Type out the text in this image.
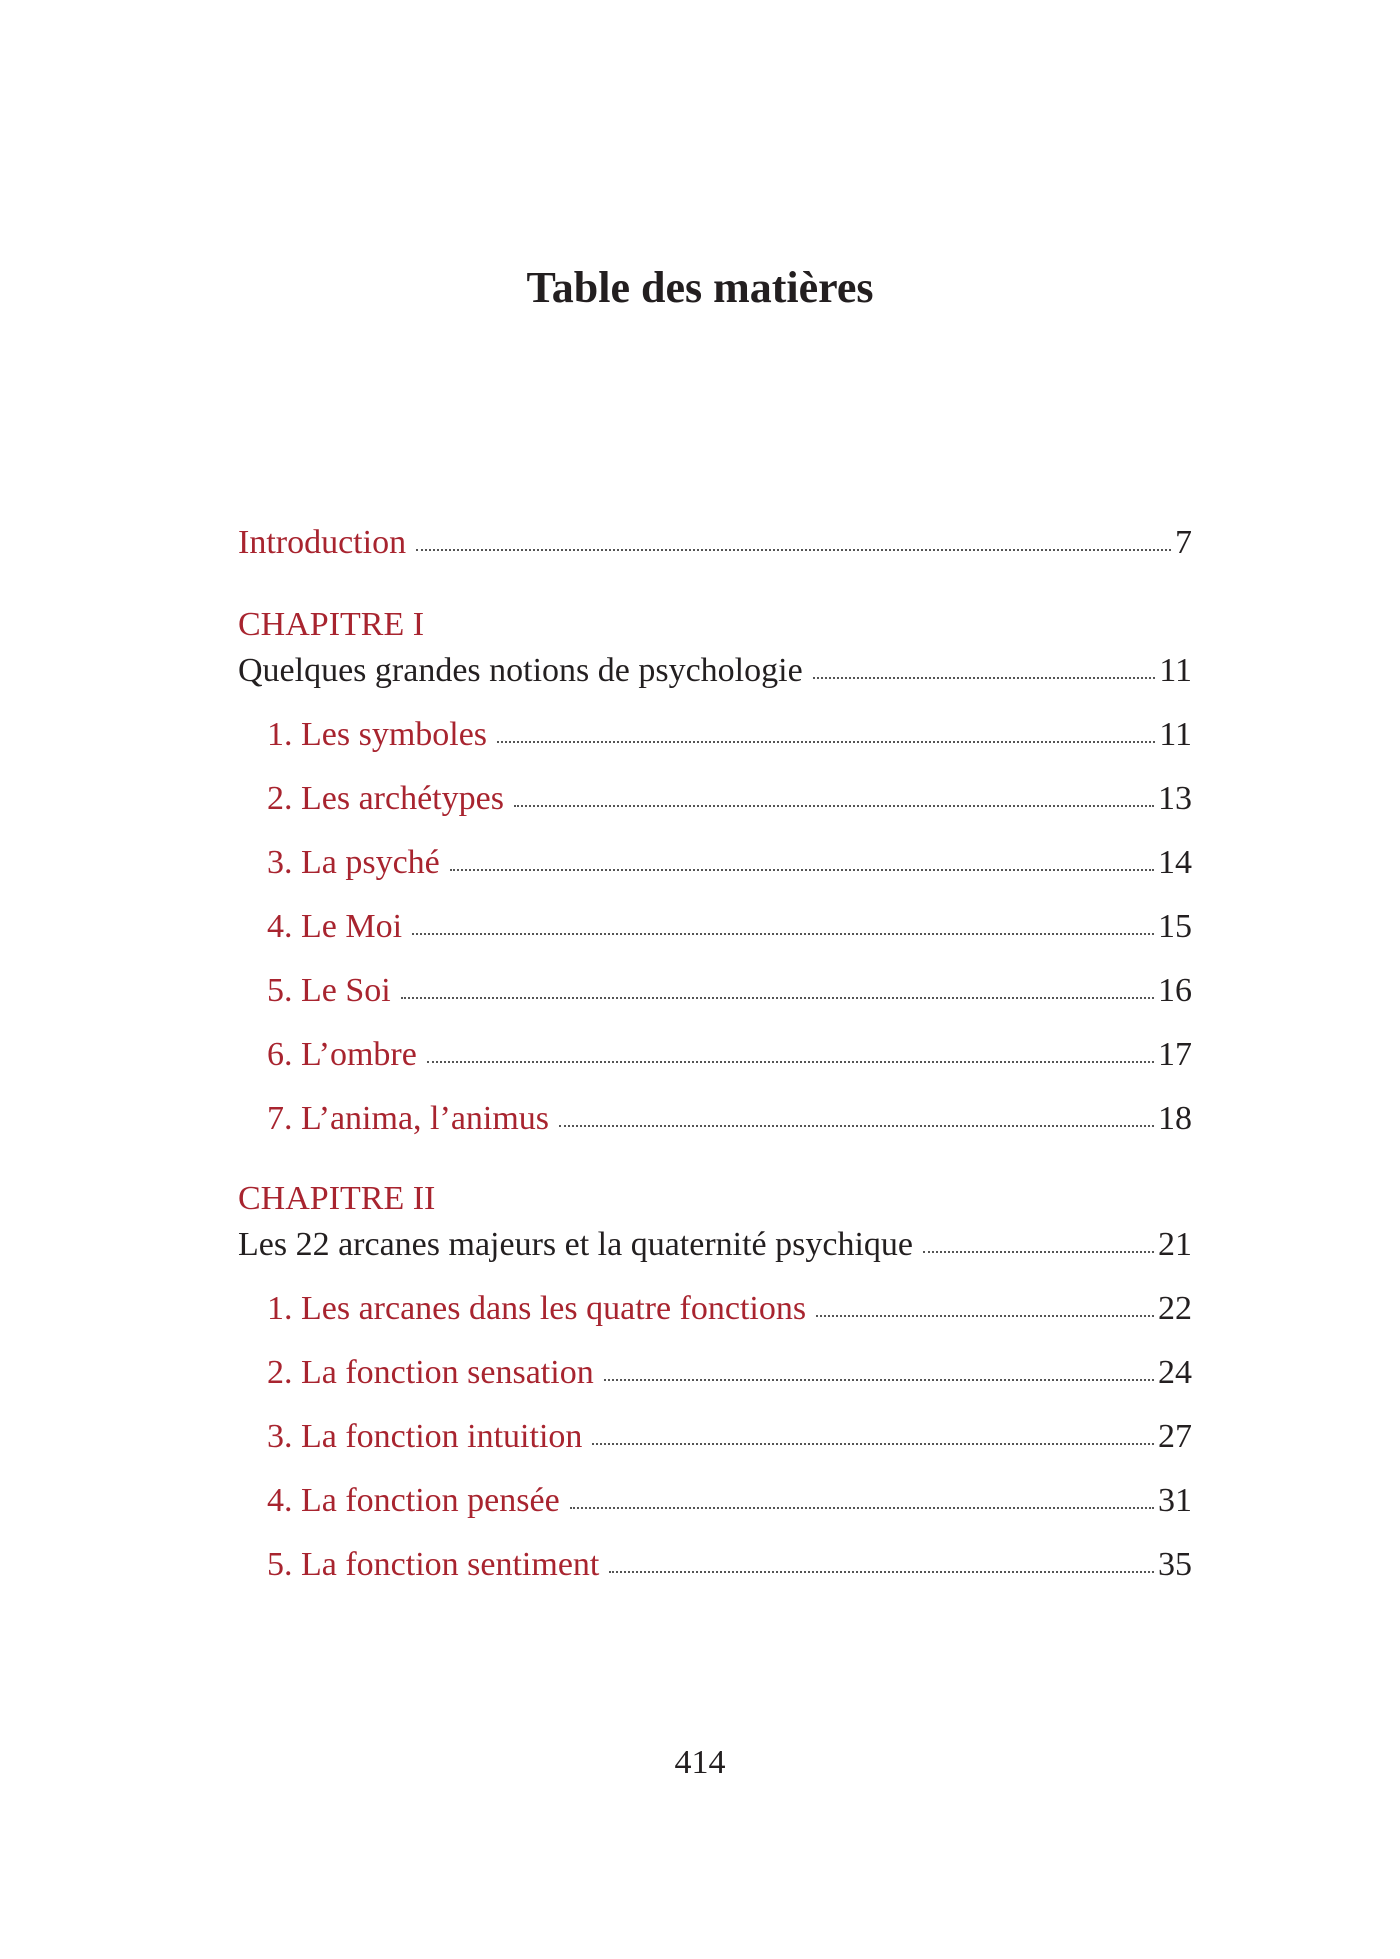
Table des matières
Introduction	7
CHAPITRE I
Quelques grandes notions de psychologie	11
1. Les symboles	11
2. Les archétypes	13
3. La psyché	14
4. Le Moi	15
5. Le Soi	16
6. L’ombre	17
7. L’anima, l’animus	18
CHAPITRE II
Les 22 arcanes majeurs et la quaternité psychique	21
1. Les arcanes dans les quatre fonctions	22
2. La fonction sensation	24
3. La fonction intuition	27
4. La fonction pensée	31
5. La fonction sentiment	35
414
